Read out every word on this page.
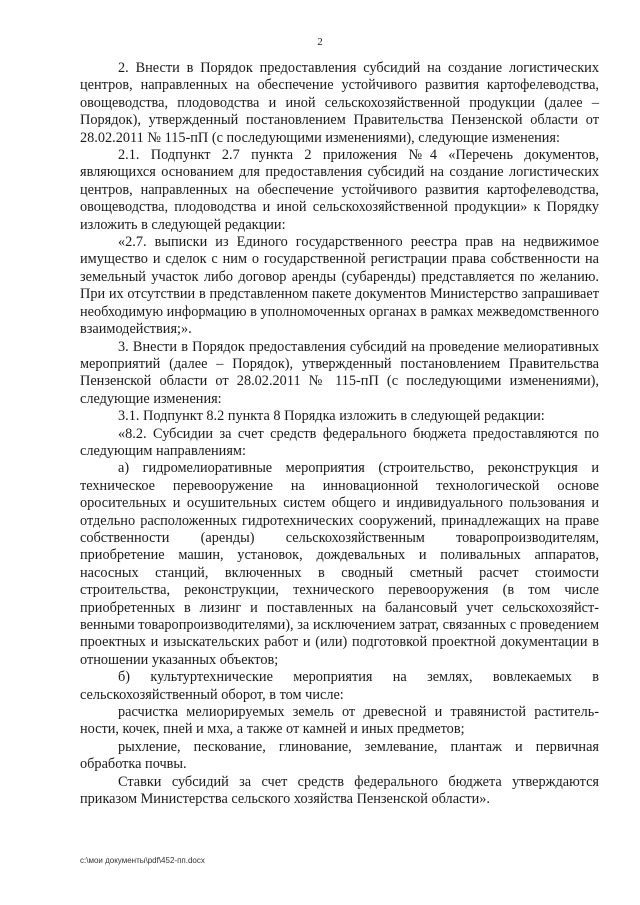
2

2. Внести в Порядок предоставления субсидий на создание логистических центров, направленных на обеспечение устойчивого развития картофелеводства, овощеводства, плодоводства и иной сельскохозяйственной продукции (далее – Порядок), утвержденный постановлением Правительства Пензенской области от 28.02.2011 № 115-пП (с последующими изменениями), следующие изменения:

2.1. Подпункт 2.7 пункта 2 приложения №4 «Перечень документов, являющихся основанием для предоставления субсидий на создание логистических центров, направленных на обеспечение устойчивого развития картофелеводства, овощеводства, плодоводства и иной сельскохозяйственной продукции» к Порядку изложить в следующей редакции:

«2.7. выписки из Единого государственного реестра прав на недвижимое имущество и сделок с ним о государственной регистрации права собственности на земельный участок либо договор аренды (субаренды) представляется по желанию. При их отсутствии в представленном пакете документов Министерство запрашивает необходимую информацию в уполномоченных органах в рамках межведомственного взаимодействия;».

3. Внести в Порядок предоставления субсидий на проведение мелиоративных мероприятий (далее – Порядок), утвержденный постановлением Правительства Пензенской области от 28.02.2011 № 115-пП (с последующими изменениями), следующие изменения:

3.1. Подпункт 8.2 пункта 8 Порядка изложить в следующей редакции:

«8.2. Субсидии за счет средств федерального бюджета предоставляются по следующим направлениям:

а) гидромелиоративные мероприятия (строительство, реконструкция и техническое перевооружение на инновационной технологической основе оросительных и осушительных систем общего и индивидуального пользования и отдельно расположенных гидротехнических сооружений, принадлежащих на праве собственности (аренды) сельскохозяйственным товаропроизводителям, приобретение машин, установок, дождевальных и поливальных аппаратов, насосных станций, включенных в сводный сметный расчет стоимости строительства, реконструкции, технического перевооружения (в том числе приобретенных в лизинг и поставленных на балансовый учет сельскохозяйственными товаропроизводителями), за исключением затрат, связанных с проведением проектных и изыскательских работ и (или) подготовкой проектной документации в отношении указанных объектов;

б) культуртехнические мероприятия на землях, вовлекаемых в сельскохозяйственный оборот, в том числе:

расчистка мелиорируемых земель от древесной и травянистой растительности, кочек, пней и мха, а также от камней и иных предметов;

рыхление, пескование, глинование, землевание, плантаж и первичная обработка почвы.

Ставки субсидий за счет средств федерального бюджета утверждаются приказом Министерства сельского хозяйства Пензенской области».

c:\мои документы\pdf\452-пп.docx
